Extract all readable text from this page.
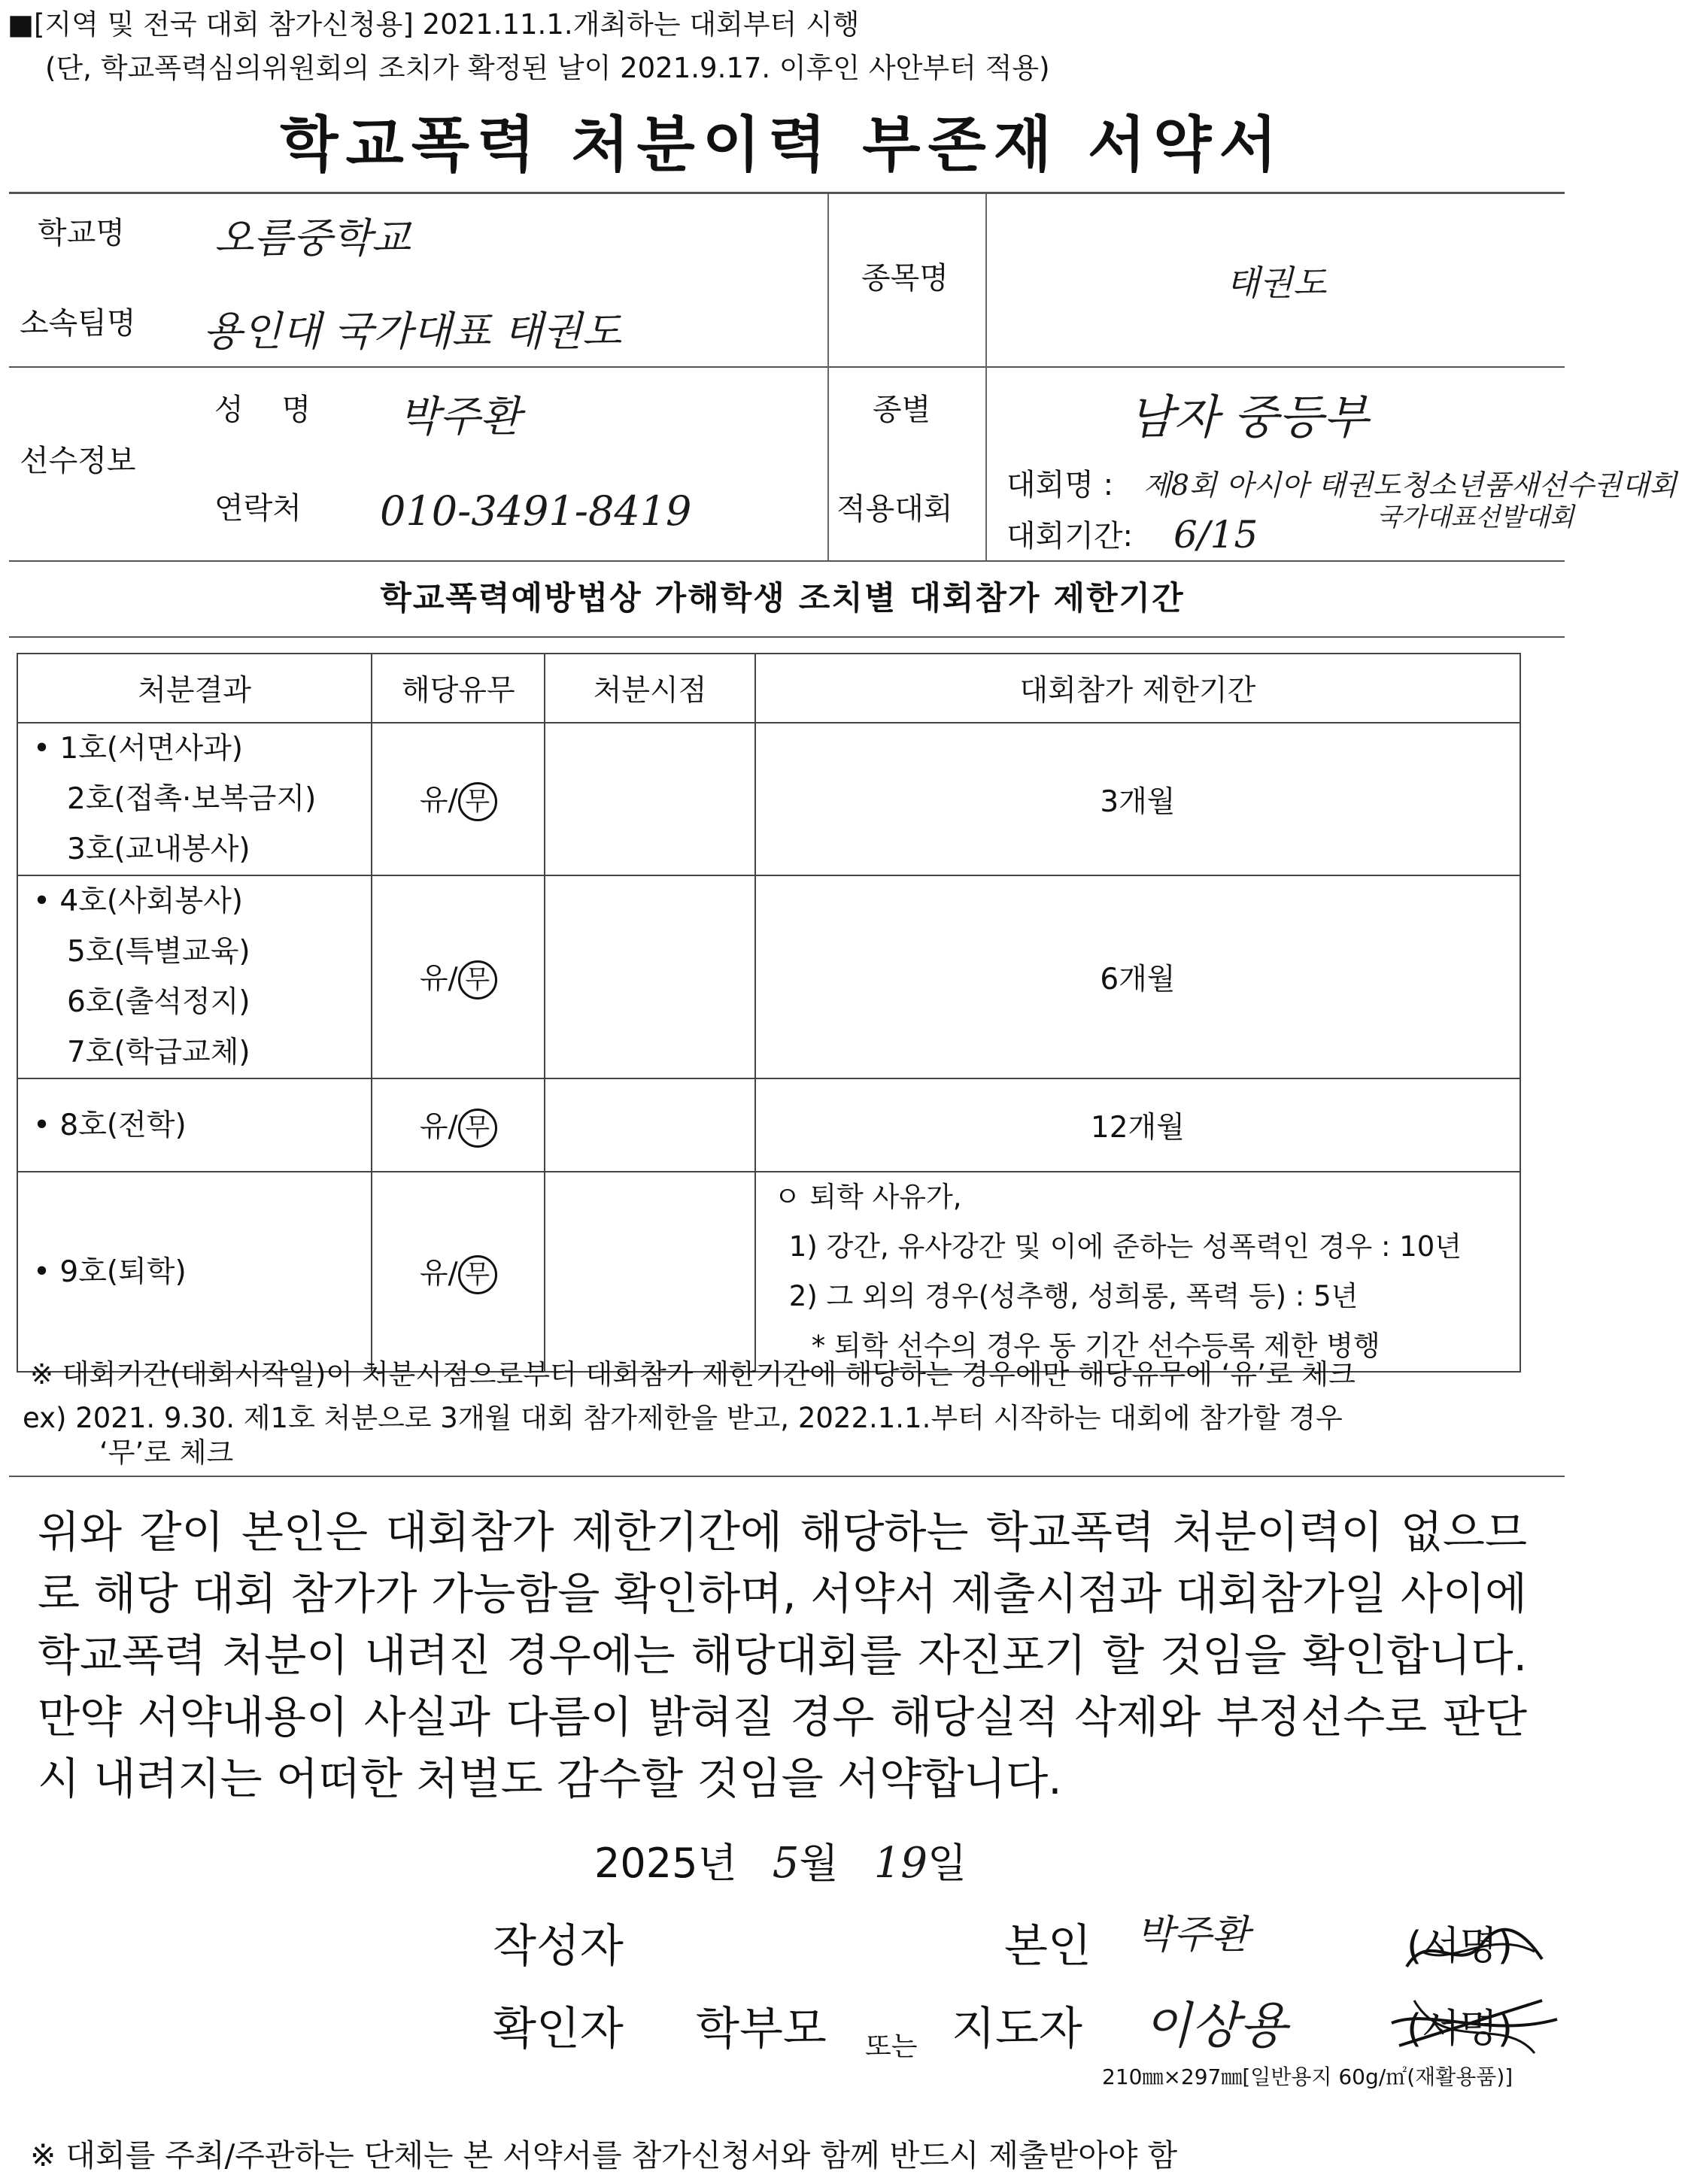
■[지역 및 전국 대회 참가신청용] 2021.11.1.개최하는 대회부터 시행
(단, 학교폭력심의위원회의 조치가 확정된 날이 2021.9.17. 이후인 사안부터 적용)
학교폭력 처분이력 부존재 서약서
학교명 오름중학교
소속팀명 용인대 국가대표 태권도
종목명	태권도
선수정보
성    명 박주환
연락처 010-3491-8419
종별	남자 중등부
적용대회
대회명 : 제8회 아시아 태권도청소년품새선수권대회
국가대표선발대회
대회기간: 6/15
학교폭력예방법상 가해학생 조치별 대회참가 제한기간
처분결과	해당유무	처분시점	대회참가 제한기간

• 1호(서면사과)
2호(접촉·보복금지)
3호(교내봉사)	유/ 무		3개월

• 4호(사회봉사)
5호(특별교육)
6호(출석정지)
7호(학급교체)	유/ 무		6개월

• 8호(전학)	유/ 무		12개월

• 9호(퇴학)	유/ 무		ㅇ 퇴학 사유가,
1) 강간, 유사강간 및 이에 준하는 성폭력인 경우 : 10년
2) 그 외의 경우(성추행, 성희롱, 폭력 등) : 5년
* 퇴학 선수의 경우 동 기간 선수등록 제한 병행
※ 대회기간(대회시작일)이 처분시점으로부터 대회참가 제한기간에 해당하는 경우에만 해당유무에 ‘유’로 체크
ex) 2021. 9.30. 제1호 처분으로 3개월 대회 참가제한을 받고, 2022.1.1.부터 시작하는 대회에 참가할 경우
‘무’로 체크
위와 같이 본인은 대회참가 제한기간에 해당하는 학교폭력 처분이력이 없으므로 해당 대회 참가가 가능함을 확인하며, 서약서 제출시점과 대회참가일 사이에 학교폭력 처분이 내려진 경우에는 해당대회를 자진포기 할 것임을 확인합니다. 만약 서약내용이 사실과 다름이 밝혀질 경우 해당실적 삭제와 부정선수로 판단 시 내려지는 어떠한 처벌도 감수할 것임을 서약합니다.
2025년 5월 19일
작성자	본인 박주환	(서명)
확인자 학부모 또는 지도자 이상용	(서명)
210㎜×297㎜[일반용지 60g/㎡(재활용품)]
※ 대회를 주최/주관하는 단체는 본 서약서를 참가신청서와 함께 반드시 제출받아야 함
